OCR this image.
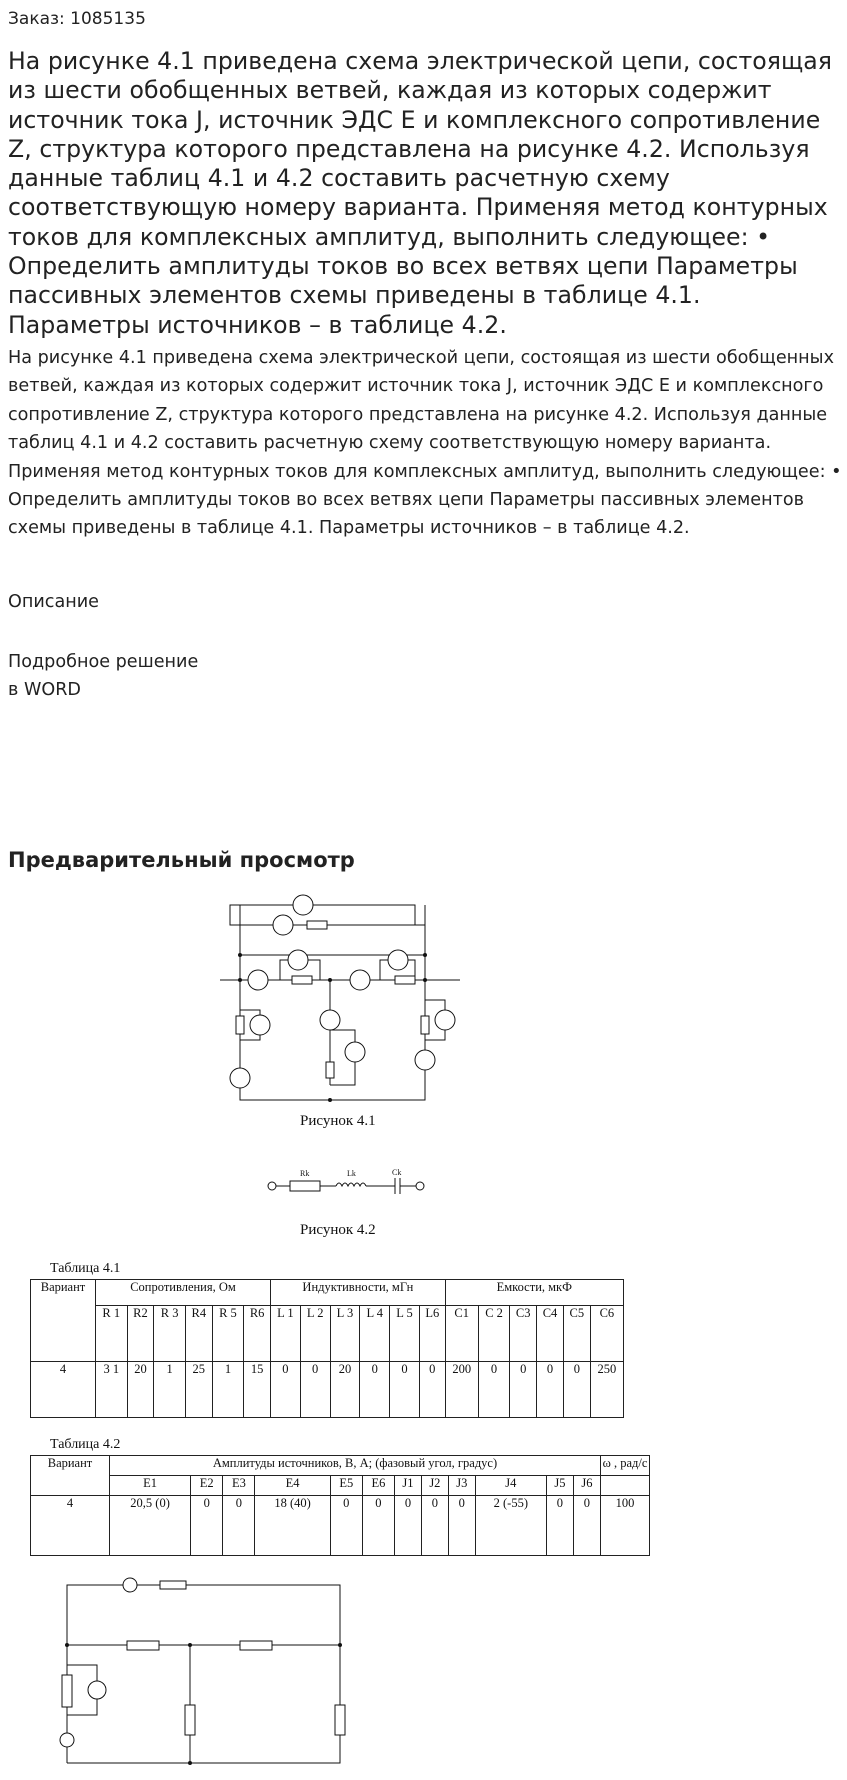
Заказ: 1085135
На рисунке 4.1 приведена схема электрической цепи, состоящая из шести обобщенных ветвей, каждая из которых содержит источник тока J, источник ЭДС E и комплексного сопротивление Z, структура которого представлена на рисунке 4.2. Используя данные таблиц 4.1 и 4.2 составить расчетную схему соответствующую номеру варианта. Применяя метод контурных токов для комплексных амплитуд, выполнить следующее: • Определить амплитуды токов во всех ветвях цепи Параметры пассивных элементов схемы приведены в таблице 4.1. Параметры источников – в таблице 4.2.
На рисунке 4.1 приведена схема электрической цепи, состоящая из шести обобщенных ветвей, каждая из которых содержит источник тока J, источник ЭДС E и комплексного сопротивление Z, структура которого представлена на рисунке 4.2. Используя данные таблиц 4.1 и 4.2 составить расчетную схему соответствующую номеру варианта. Применяя метод контурных токов для комплексных амплитуд, выполнить следующее: • Определить амплитуды токов во всех ветвях цепи Параметры пассивных элементов схемы приведены в таблице 4.1. Параметры источников – в таблице 4.2.
Описание
Подробное решение
в WORD
Предварительный просмотр
Рисунок 4.1
Rk	Lk	Ck
Рисунок 4.2
Таблица 4.1
Вариант	Сопротивления, Ом						Индуктивности, мГн						Емкости, мкФ					
	R 1	R2	R 3	R4	R 5	R6	L 1	L 2	L 3	L 4	L 5	L6	C1	C 2	C3	C4	C5	C6
4	3 1	20	1	25	1	15	0	0	20	0	0	0	200	0	0	0	0	250
Таблица 4.2
Вариант	Амплитуды источников, В, А; (фазовый угол, градус)												ω , рад/с
	E1	E2	E3	E4	E5	E6	J1	J2	J3	J4	J5	J6	
4	20,5 (0)	0	0	18 (40)	0	0	0	0	0	2 (-55)	0	0	100
